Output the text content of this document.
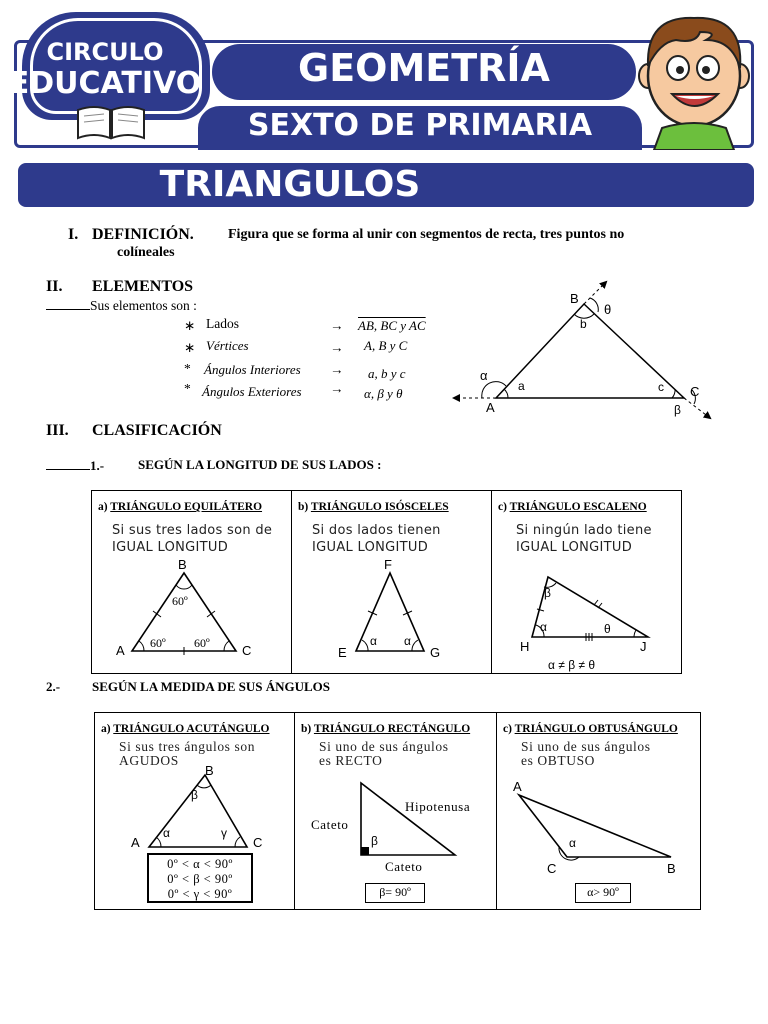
GEOMETRÍA
SEXTO DE PRIMARIA
CIRCULO
EDUCATIVO
TRIANGULOS
I. DEFINICIÓN. Figura que se forma al unir con segmentos de recta, tres puntos no
colíneales
II. ELEMENTOS
Sus elementos son :
∗ Lados	→ AB, BC y AC
∗ Vértices	→ A, B y C
* Ángulos Interiores → a, b y c
* Ángulos Exteriores → α, β y θ
A
B
C
a
b
c
α
β
θ
III. CLASIFICACIÓN
1.-	SEGÚN LA LONGITUD DE SUS LADOS :
a) TRIÁNGULO EQUILÁTERO
Si sus tres lados son de
IGUAL LONGITUD
B
A	C
60º
60º 60º
b) TRIÁNGULO ISÓSCELES
Si dos lados tienen
IGUAL LONGITUD
F
E	G
α α
c) TRIÁNGULO ESCALENO
Si ningún lado tiene
IGUAL LONGITUD
H	J
β
α	θ
α ≠ β ≠ θ
2.- SEGÚN LA MEDIDA DE SUS ÁNGULOS
a) TRIÁNGULO ACUTÁNGULO
Si sus tres ángulos son
AGUDOS
B
A	C
β
α	γ
0º < α < 90º
0º < β < 90º
0º < γ < 90º
b) TRIÁNGULO RECTÁNGULO
Si uno de sus ángulos
es RECTO
Hipotenusa
Cateto
Cateto
β
β= 90º
c) TRIÁNGULO OBTUSÁNGULO
Si uno de sus ángulos
es OBTUSO
A
C	B
α
α> 90º
